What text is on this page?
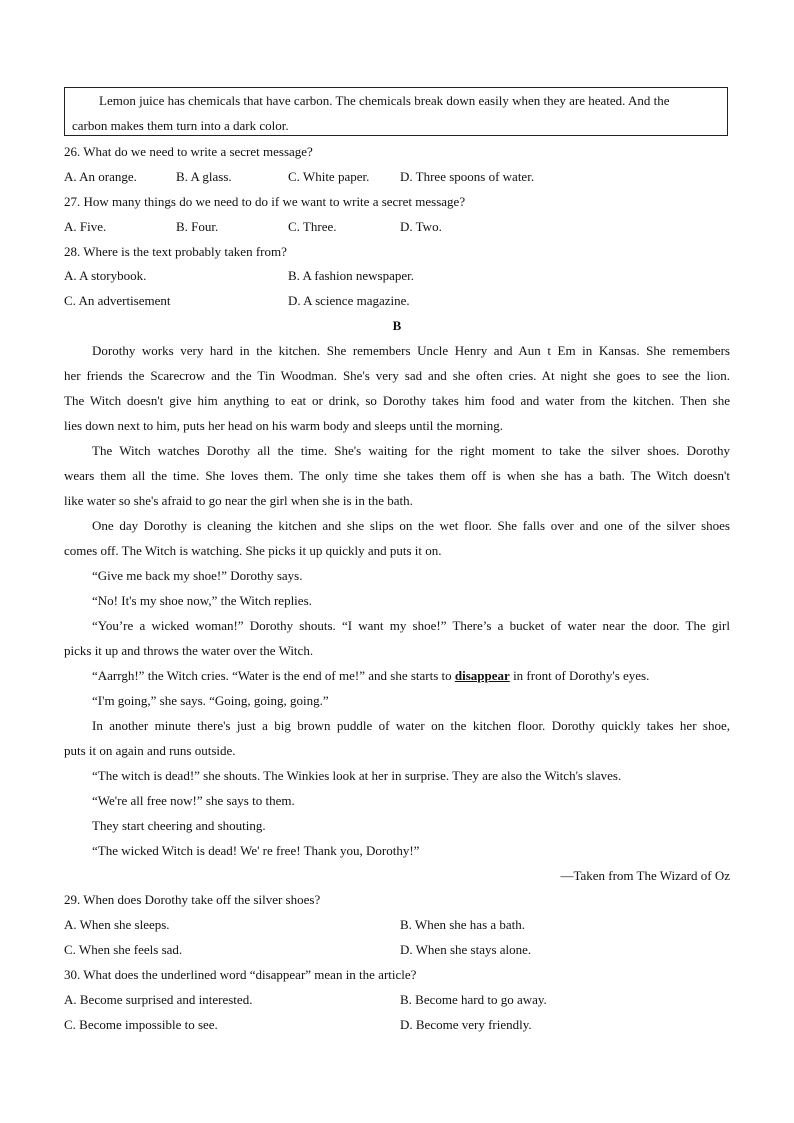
Lemon juice has chemicals that have carbon. The chemicals break down easily when they are heated. And the
carbon makes them turn into a dark color.
26. What do we need to write a secret message?
A. An orange.	B. A glass.	C. White paper. D. Three spoons of water.
27. How many things do we need to do if we want to write a secret message?
A. Five.	B. Four.	C. Three.	D. Two.
28. Where is the text probably taken from?
A. A storybook.	B. A fashion newspaper.
C. An advertisement	D. A science magazine.
B
Dorothy works very hard in the kitchen. She remembers Uncle Henry and Aun t Em in Kansas. She remembers
her friends the Scarecrow and the Tin Woodman. She's very sad and she often cries. At night she goes to see the lion.
The Witch doesn't give him anything to eat or drink, so Dorothy takes him food and water from the kitchen. Then she
lies down next to him, puts her head on his warm body and sleeps until the morning.
The Witch watches Dorothy all the time. She's waiting for the right moment to take the silver shoes. Dorothy
wears them all the time. She loves them. The only time she takes them off is when she has a bath. The Witch doesn't
like water so she's afraid to go near the girl when she is in the bath.
One day Dorothy is cleaning the kitchen and she slips on the wet floor. She falls over and one of the silver shoes
comes off. The Witch is watching. She picks it up quickly and puts it on.
“Give me back my shoe!” Dorothy says.
“No! It's my shoe now,” the Witch replies.
“You’re a wicked woman!” Dorothy shouts. “I want my shoe!” There’s a bucket of water near the door. The girl
picks it up and throws the water over the Witch.
“Aarrgh!” the Witch cries. “Water is the end of me!” and she starts to disappear in front of Dorothy's eyes.
“I'm going,” she says. “Going, going, going.”
In another minute there's just a big brown puddle of water on the kitchen floor. Dorothy quickly takes her shoe,
puts it on again and runs outside.
“The witch is dead!” she shouts. The Winkies look at her in surprise. They are also the Witch's slaves.
“We're all free now!” she says to them.
They start cheering and shouting.
“The wicked Witch is dead! We' re free! Thank you, Dorothy!”
—Taken from The Wizard of Oz
29. When does Dorothy take off the silver shoes?
A. When she sleeps.	B. When she has a bath.
C. When she feels sad.	D. When she stays alone.
30. What does the underlined word “disappear” mean in the article?
A. Become surprised and interested.	B. Become hard to go away.
C. Become impossible to see.	D. Become very friendly.
